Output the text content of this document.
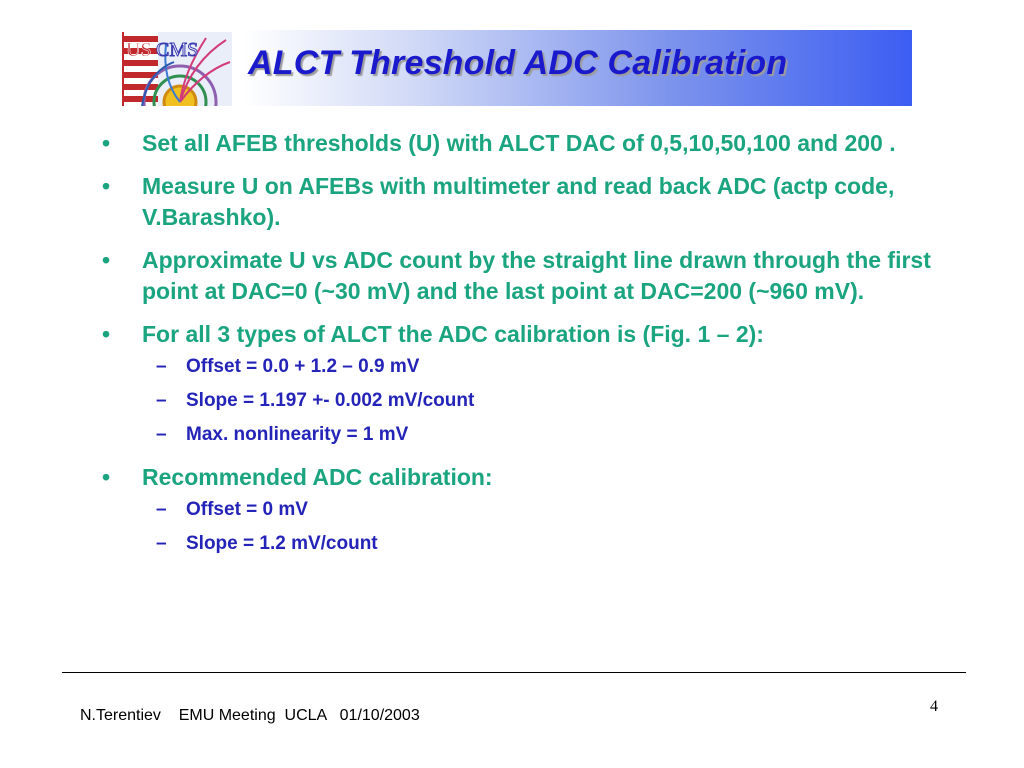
US CMS ALCT Threshold ADC Calibration
• Set all AFEB thresholds (U) with ALCT DAC of 0,5,10,50,100 and 200 .
• Measure U on AFEBs with multimeter and read back ADC (actp code, V.Barashko).
• Approximate U vs ADC count by the straight line drawn through the first point at DAC=0 (~30 mV) and the last point at DAC=200 (~960 mV).
• For all 3 types of ALCT the ADC calibration is (Fig. 1 – 2):
– Offset = 0.0 + 1.2 – 0.9 mV
– Slope = 1.197 +- 0.002 mV/count
– Max. nonlinearity = 1 mV
• Recommended ADC calibration:
– Offset = 0 mV
– Slope = 1.2 mV/count
N.Terentiev    EMU Meeting  UCLA   01/10/2003
4
